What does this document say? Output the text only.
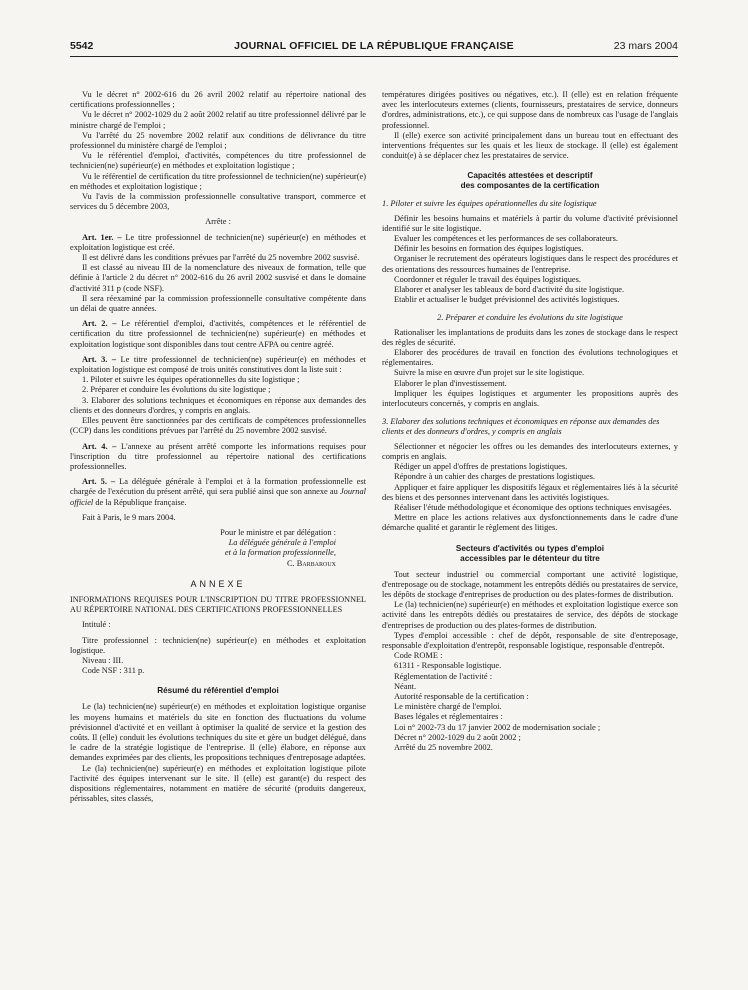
5542	JOURNAL OFFICIEL DE LA RÉPUBLIQUE FRANÇAISE	23 mars 2004

Vu le décret n° 2002-616 du 26 avril 2002 relatif au répertoire national des certifications professionnelles ;

Vu le décret n° 2002-1029 du 2 août 2002 relatif au titre professionnel délivré par le ministre chargé de l'emploi ;

Vu l'arrêté du 25 novembre 2002 relatif aux conditions de délivrance du titre professionnel du ministère chargé de l'emploi ;

Vu le référentiel d'emploi, d'activités, compétences du titre professionnel de technicien(ne) supérieur(e) en méthodes et exploitation logistique ;

Vu le référentiel de certification du titre professionnel de technicien(ne) supérieur(e) en méthodes et exploitation logistique ;

Vu l'avis de la commission professionnelle consultative transport, commerce et services du 5 décembre 2003,

Arrête :

Art. 1er. – Le titre professionnel de technicien(ne) supérieur(e) en méthodes et exploitation logistique est créé.

Il est délivré dans les conditions prévues par l'arrêté du 25 novembre 2002 susvisé.

Il est classé au niveau III de la nomenclature des niveaux de formation, telle que définie à l'article 2 du décret n° 2002-616 du 26 avril 2002 susvisé et dans le domaine d'activité 311 p (code NSF).

Il sera réexaminé par la commission professionnelle consultative compétente dans un délai de quatre années.

Art. 2. – Le référentiel d'emploi, d'activités, compétences et le référentiel de certification du titre professionnel de technicien(ne) supérieur(e) en méthodes et exploitation logistique sont disponibles dans tout centre AFPA ou centre agréé.

Art. 3. – Le titre professionnel de technicien(ne) supérieur(e) en méthodes et exploitation logistique est composé de trois unités constitutives dont la liste suit :

1. Piloter et suivre les équipes opérationnelles du site logistique ;

2. Préparer et conduire les évolutions du site logistique ;

3. Elaborer des solutions techniques et économiques en réponse aux demandes des clients et des donneurs d'ordres, y compris en anglais.

Elles peuvent être sanctionnées par des certificats de compétences professionnelles (CCP) dans les conditions prévues par l'arrêté du 25 novembre 2002 susvisé.

Art. 4. – L'annexe au présent arrêté comporte les informations requises pour l'inscription du titre professionnel au répertoire national des certifications professionnelles.

Art. 5. – La déléguée générale à l'emploi et à la formation professionnelle est chargée de l'exécution du présent arrêté, qui sera publié ainsi que son annexe au Journal officiel de la République française.

Fait à Paris, le 9 mars 2004.

Pour le ministre et par délégation :

La déléguée générale à l'emploi

et à la formation professionnelle,

C. Barbaroux

ANNEXE

INFORMATIONS REQUISES POUR L'INSCRIPTION DU TITRE PROFESSIONNEL AU RÉPERTOIRE NATIONAL DES CERTIFICATIONS PROFESSIONNELLES

Intitulé :

Titre professionnel : technicien(ne) supérieur(e) en méthodes et exploitation logistique.

Niveau : III.

Code NSF : 311 p.

Résumé du référentiel d'emploi

Le (la) technicien(ne) supérieur(e) en méthodes et exploitation logistique organise les moyens humains et matériels du site en fonction des fluctuations du volume prévisionnel d'activité et en veillant à optimiser la qualité de service et la gestion des coûts. Il (elle) conduit les évolutions techniques du site et gère un budget délégué, dans le cadre de la stratégie logistique de l'entreprise. Il (elle) élabore, en réponse aux demandes exprimées par des clients, les propositions techniques d'entreposage adaptées.

Le (la) technicien(ne) supérieur(e) en méthodes et exploitation logistique pilote l'activité des équipes intervenant sur le site. Il (elle) est garant(e) du respect des dispositions réglementaires, notamment en matière de sécurité (produits dangereux, périssables, sites classés,

températures dirigées positives ou négatives, etc.). Il (elle) est en relation fréquente avec les interlocuteurs externes (clients, fournisseurs, prestataires de service, donneurs d'ordres, administrations, etc.), ce qui suppose dans de nombreux cas l'usage de l'anglais professionnel.

Il (elle) exerce son activité principalement dans un bureau tout en effectuant des interventions fréquentes sur les quais et les lieux de stockage. Il (elle) est également conduit(e) à se déplacer chez les prestataires de service.

Capacités attestées et descriptif
des composantes de la certification

1. Piloter et suivre les équipes opérationnelles du site logistique

Définir les besoins humains et matériels à partir du volume d'activité prévisionnel identifié sur le site logistique.

Evaluer les compétences et les performances de ses collaborateurs.

Définir les besoins en formation des équipes logistiques.

Organiser le recrutement des opérateurs logistiques dans le respect des procédures et des orientations des ressources humaines de l'entreprise.

Coordonner et réguler le travail des équipes logistiques.

Elaborer et analyser les tableaux de bord d'activité du site logistique.

Etablir et actualiser le budget prévisionnel des activités logistiques.

2. Préparer et conduire les évolutions du site logistique

Rationaliser les implantations de produits dans les zones de stockage dans le respect des règles de sécurité.

Elaborer des procédures de travail en fonction des évolutions technologiques et réglementaires.

Suivre la mise en œuvre d'un projet sur le site logistique.

Elaborer le plan d'investissement.

Impliquer les équipes logistiques et argumenter les propositions auprès des interlocuteurs concernés, y compris en anglais.

3. Elaborer des solutions techniques et économiques en réponse aux demandes des clients et des donneurs d'ordres, y compris en anglais

Sélectionner et négocier les offres ou les demandes des interlocuteurs externes, y compris en anglais.

Rédiger un appel d'offres de prestations logistiques.

Répondre à un cahier des charges de prestations logistiques.

Appliquer et faire appliquer les dispositifs légaux et réglementaires liés à la sécurité des biens et des personnes intervenant dans les activités logistiques.

Réaliser l'étude méthodologique et économique des options techniques envisagées.

Mettre en place les actions relatives aux dysfonctionnements dans le cadre d'une démarche qualité et garantir le règlement des litiges.

Secteurs d'activités ou types d'emploi
accessibles par le détenteur du titre

Tout secteur industriel ou commercial comportant une activité logistique, d'entreposage ou de stockage, notamment les entrepôts dédiés ou prestataires de service, les dépôts de stockage d'entreprises de production ou des plates-formes de distribution.

Le (la) technicien(ne) supérieur(e) en méthodes et exploitation logistique exerce son activité dans les entrepôts dédiés ou prestataires de service, des dépôts de stockage d'entreprises de production ou des plates-formes de distribution.

Types d'emploi accessible : chef de dépôt, responsable de site d'entreposage, responsable d'exploitation d'entrepôt, responsable logistique, responsable d'entrepôt.

Code ROME :

61311 - Responsable logistique.

Réglementation de l'activité :

Néant.

Autorité responsable de la certification :

Le ministère chargé de l'emploi.

Bases légales et réglementaires :

Loi n° 2002-73 du 17 janvier 2002 de modernisation sociale ;

Décret n° 2002-1029 du 2 août 2002 ;

Arrêté du 25 novembre 2002.
